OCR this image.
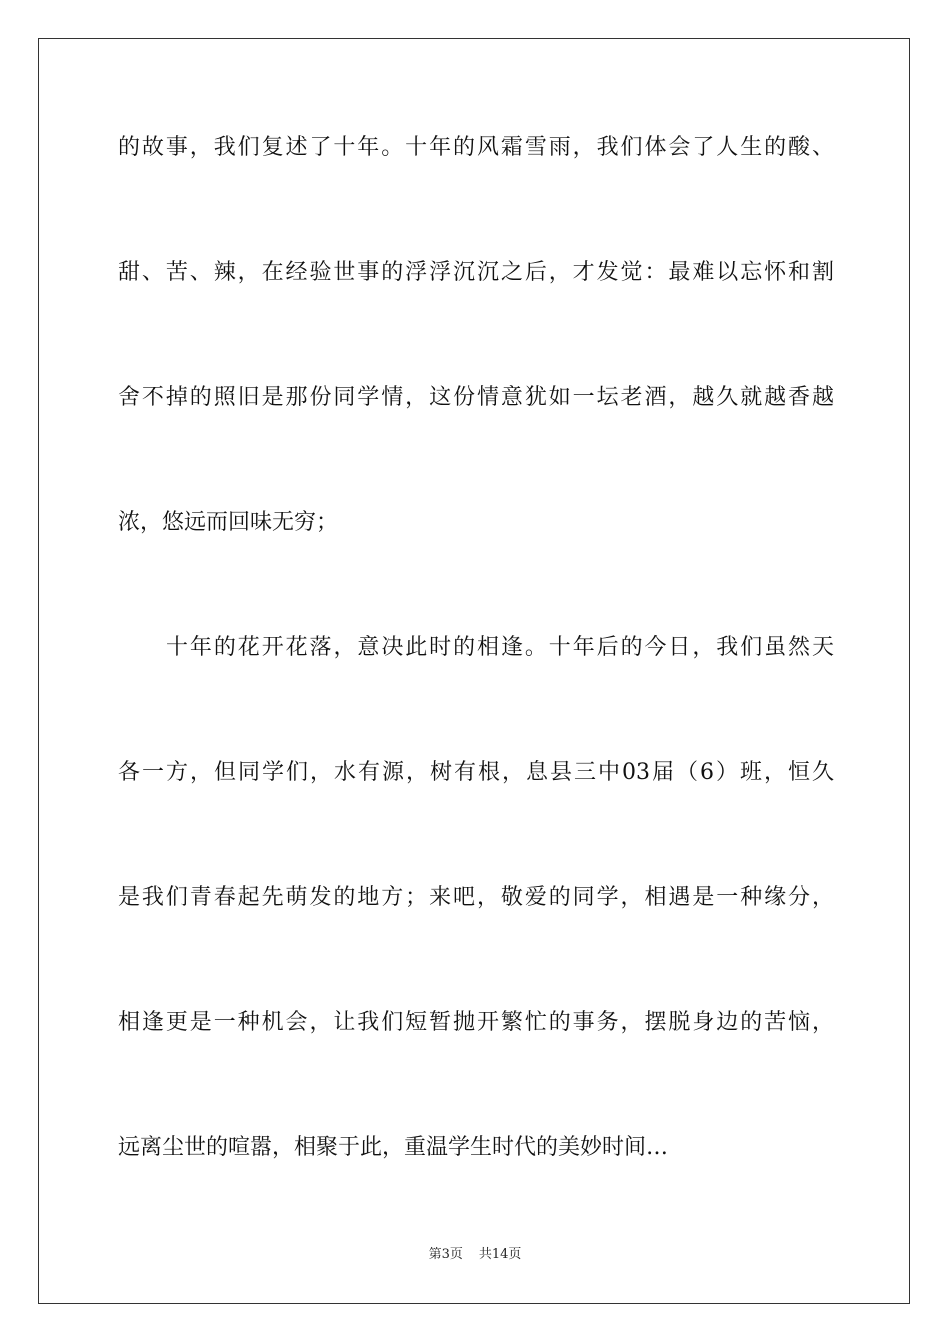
的故事，我们复述了十年。十年的风霜雪雨，我们体会了人生的酸、
甜、苦、辣，在经验世事的浮浮沉沉之后，才发觉：最难以忘怀和割
舍不掉的照旧是那份同学情，这份情意犹如一坛老酒，越久就越香越
浓，悠远而回味无穷；
十年的花开花落，意决此时的相逢。十年后的今日，我们虽然天
各一方，但同学们，水有源，树有根，息县三中03届（6）班，恒久
是我们青春起先萌发的地方；来吧，敬爱的同学，相遇是一种缘分，
相逢更是一种机会，让我们短暂抛开繁忙的事务，摆脱身边的苦恼，
远离尘世的喧嚣，相聚于此，重温学生时代的美妙时间…
第3页 共14页
